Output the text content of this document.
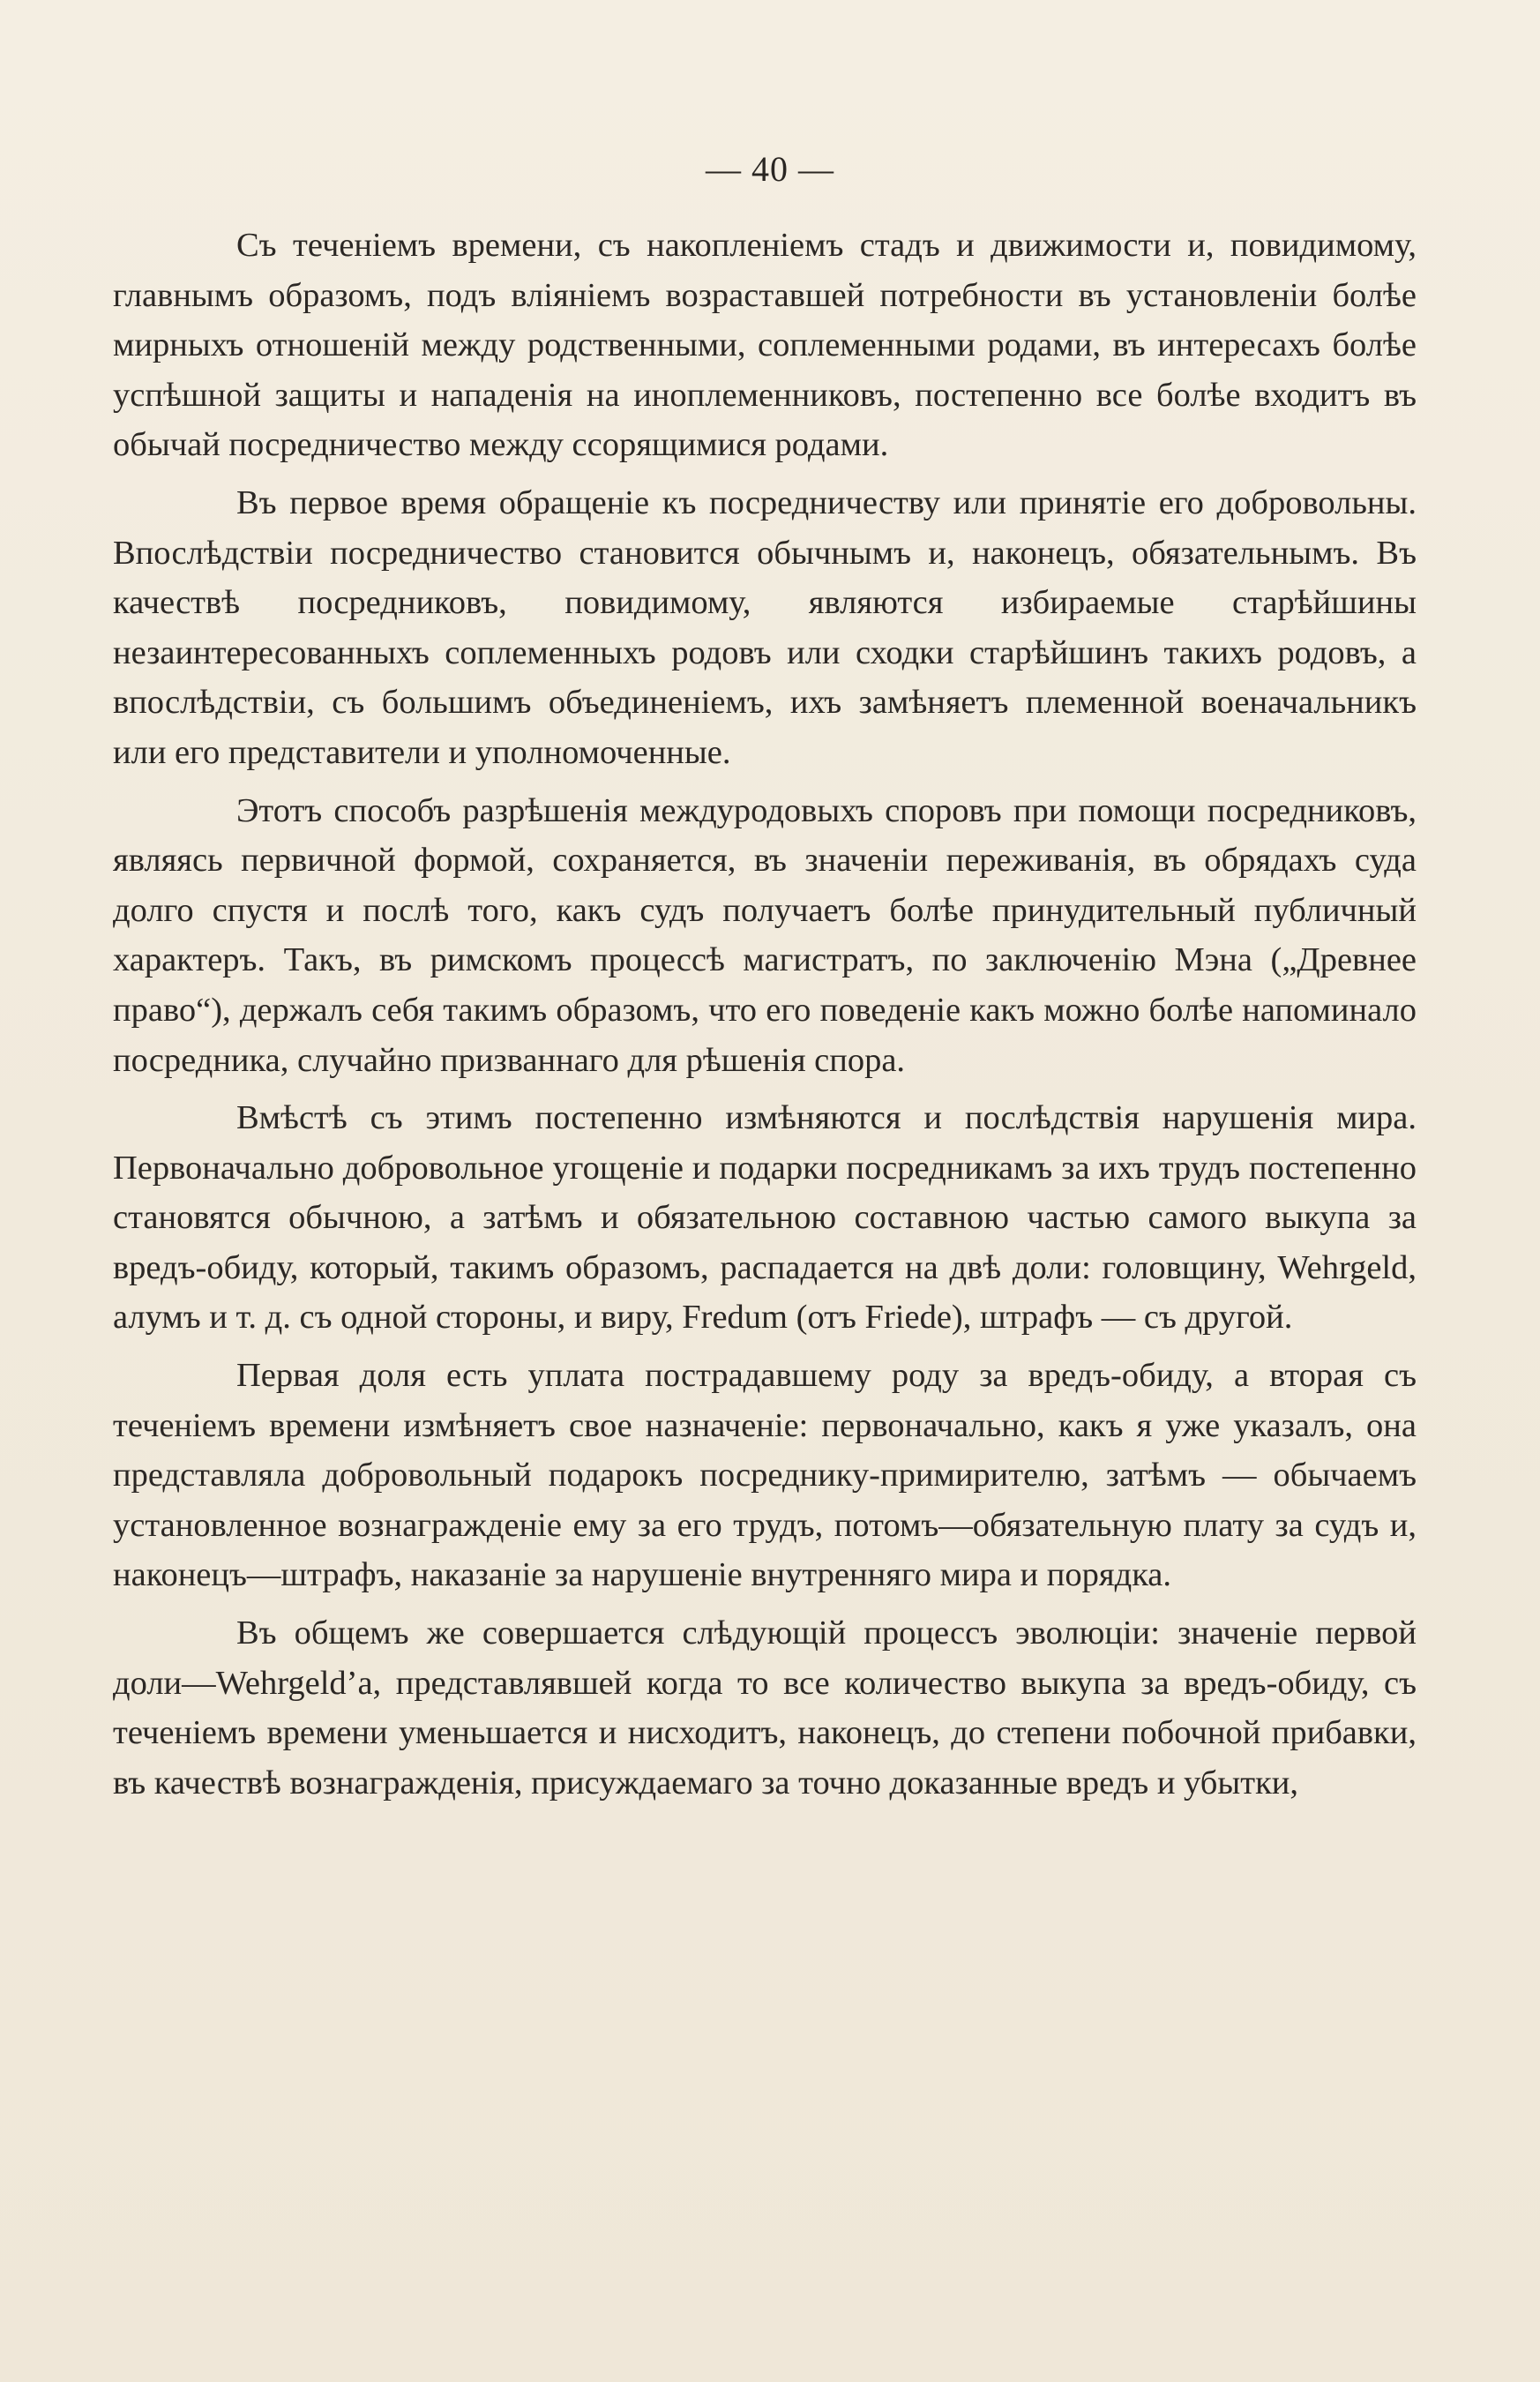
— 40 —

Съ теченіемъ времени, съ накопленіемъ стадъ и движимости и, повидимому, главнымъ образомъ, подъ вліяніемъ возраставшей потребности въ установленіи болѣе мирныхъ отношеній между родственными, соплеменными родами, въ интересахъ болѣе успѣшной защиты и нападенія на иноплеменниковъ, постепенно все болѣе входитъ въ обычай посредничество между ссорящимися родами.

Въ первое время обращеніе къ посредничеству или принятіе его добровольны. Впослѣдствіи посредничество становится обычнымъ и, наконецъ, обязательнымъ. Въ качествѣ посредниковъ, повидимому, являются избираемые старѣйшины незаинтересованныхъ соплеменныхъ родовъ или сходки старѣйшинъ такихъ родовъ, а впослѣдствіи, съ большимъ объединеніемъ, ихъ замѣняетъ племенной военачальникъ или его представители и уполномоченные.

Этотъ способъ разрѣшенія междуродовыхъ споровъ при помощи посредниковъ, являясь первичной формой, сохраняется, въ значеніи переживанія, въ обрядахъ суда долго спустя и послѣ того, какъ судъ получаетъ болѣе принудительный публичный характеръ. Такъ, въ римскомъ процессѣ магистратъ, по заключенію Мэна („Древнее право“), держалъ себя такимъ образомъ, что его поведеніе какъ можно болѣе напоминало посредника, случайно призваннаго для рѣшенія спора.

Вмѣстѣ съ этимъ постепенно измѣняются и послѣдствія нарушенія мира. Первоначально добровольное угощеніе и подарки посредникамъ за ихъ трудъ постепенно становятся обычною, а затѣмъ и обязательною составною частью самого выкупа за вредъ-обиду, который, такимъ образомъ, распадается на двѣ доли: головщину, Wehrgeld, алумъ и т. д. съ одной стороны, и виру, Fredum (отъ Friede), штрафъ — съ другой.

Первая доля есть уплата пострадавшему роду за вредъ-обиду, а вторая съ теченіемъ времени измѣняетъ свое назначеніе: первоначально, какъ я уже указалъ, она представляла добровольный подарокъ посреднику-примирителю, затѣмъ — обычаемъ установленное вознагражденіе ему за его трудъ, потомъ—обязательную плату за судъ и, наконецъ—штрафъ, наказаніе за нарушеніе внутренняго мира и порядка.

Въ общемъ же совершается слѣдующій процессъ эволюціи: значеніе первой доли—Wehrgeld’а, представлявшей когда то все количество выкупа за вредъ-обиду, съ теченіемъ времени уменьшается и нисходитъ, наконецъ, до степени побочной прибавки, въ качествѣ вознагражденія, присуждаемаго за точно доказанные вредъ и убытки,
